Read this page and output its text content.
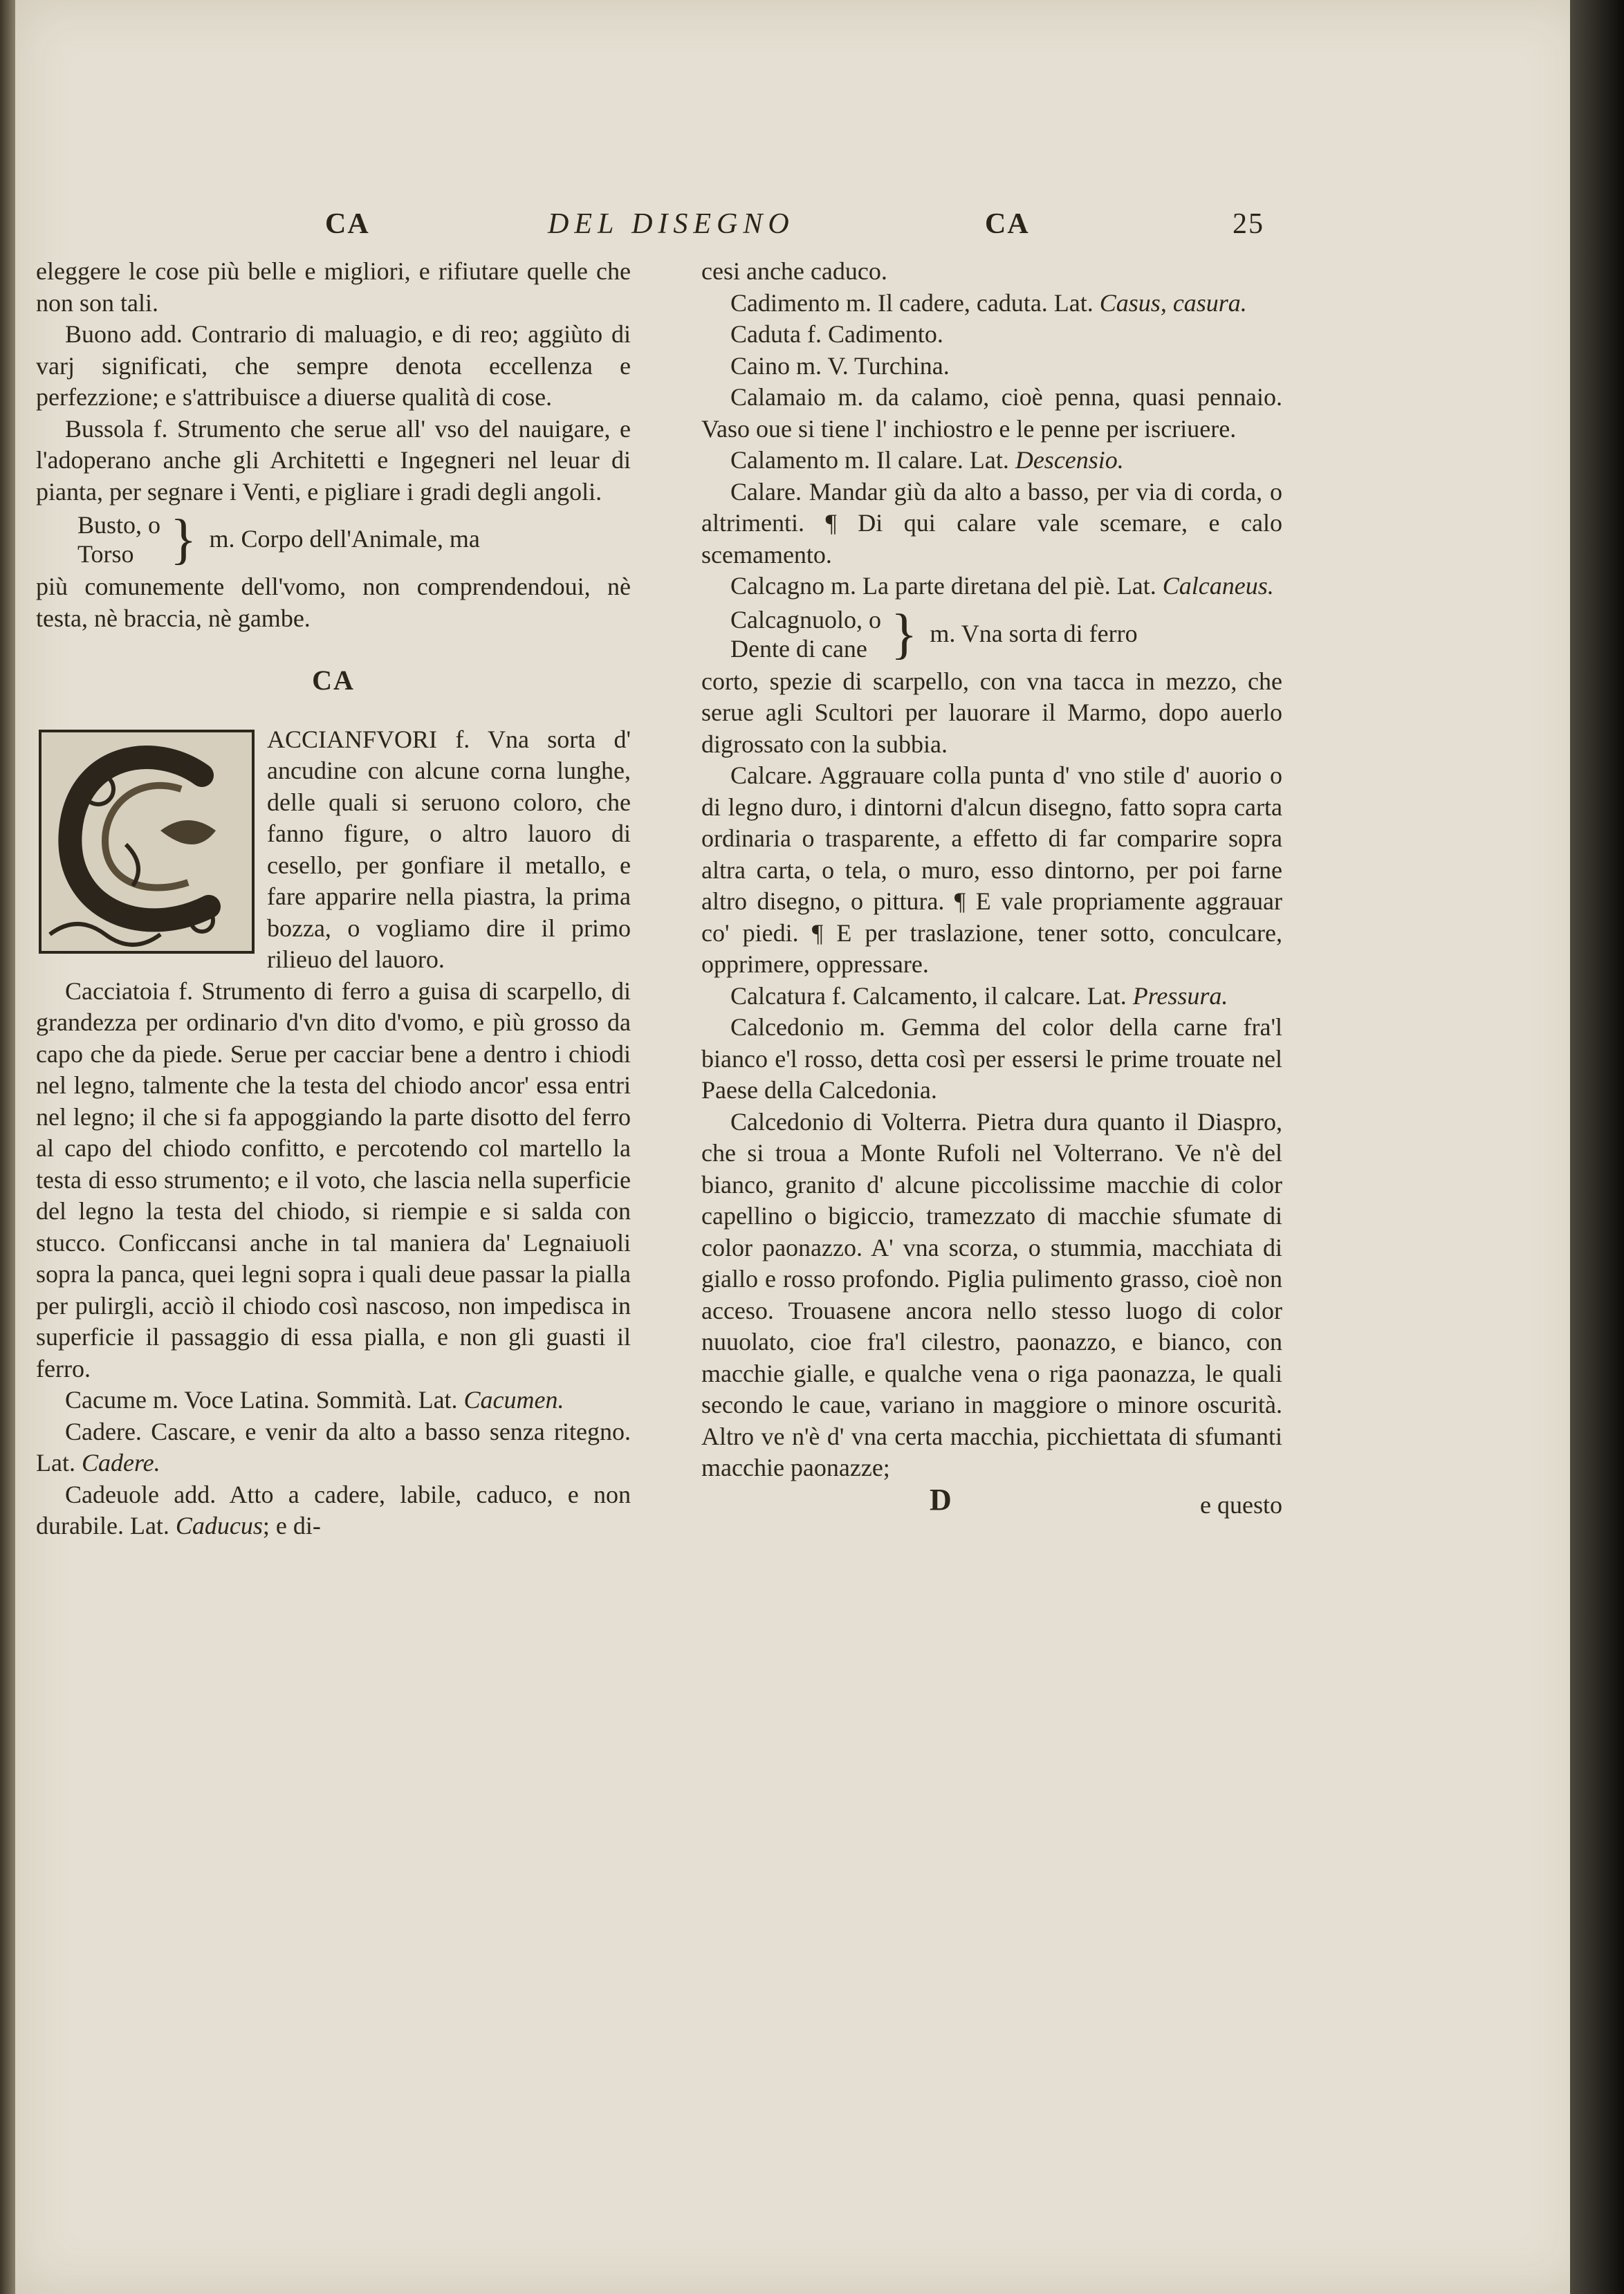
CA	DEL DISEGNO	CA	25

eleggere le cose più belle e migliori, e rifiutare quelle che non son tali.

Buono add. Contrario di maluagio, e di reo; aggiùto di varj significati, che sempre denota eccellenza e perfezzione; e s'attribuisce a diuerse qualità di cose.

Bussola f. Strumento che serue all' vso del nauigare, e l'adoperano anche gli Architetti e Ingegneri nel leuar di pianta, per segnare i Venti, e pigliare i gradi degli angoli.

Busto, o
Torso } m. Corpo dell'Animale, ma

più comunemente dell'vomo, non comprendendoui, nè testa, nè braccia, nè gambe.

CA

ACCIANFVORI f. Vna sorta d' ancudine con alcune corna lunghe, delle quali si seruono coloro, che fanno figure, o altro lauoro di cesello, per gonfiare il metallo, e fare apparire nella piastra, la prima bozza, o vogliamo dire il primo rilieuo del lauoro.

Cacciatoia f. Strumento di ferro a guisa di scarpello, di grandezza per ordinario d'vn dito d'vomo, e più grosso da capo che da piede. Serue per cacciar bene a dentro i chiodi nel legno, talmente che la testa del chiodo ancor' essa entri nel legno; il che si fa appoggiando la parte disotto del ferro al capo del chiodo confitto, e percotendo col martello la testa di esso strumento; e il voto, che lascia nella superficie del legno la testa del chiodo, si riempie e si salda con stucco. Conficcansi anche in tal maniera da' Legnaiuoli sopra la panca, quei legni sopra i quali deue passar la pialla per pulirgli, acciò il chiodo così nascoso, non impedisca in superficie il passaggio di essa pialla, e non gli guasti il ferro.

Cacume m. Voce Latina. Sommità. Lat. Cacumen.

Cadere. Cascare, e venir da alto a basso senza ritegno. Lat. Cadere.

Cadeuole add. Atto a cadere, labile, caduco, e non durabile. Lat. Caducus; e di-

cesi anche caduco.

Cadimento m. Il cadere, caduta. Lat. Casus, casura.

Caduta f. Cadimento.

Caino m. V. Turchina.

Calamaio m. da calamo, cioè penna, quasi pennaio. Vaso oue si tiene l' inchiostro e le penne per iscriuere.

Calamento m. Il calare. Lat. Descensio.

Calare. Mandar giù da alto a basso, per via di corda, o altrimenti. ¶ Di qui calare vale scemare, e calo scemamento.

Calcagno m. La parte diretana del piè. Lat. Calcaneus.

Calcagnuolo, o
Dente di cane } m. Vna sorta di ferro

corto, spezie di scarpello, con vna tacca in mezzo, che serue agli Scultori per lauorare il Marmo, dopo auerlo digrossato con la subbia.

Calcare. Aggrauare colla punta d' vno stile d' auorio o di legno duro, i dintorni d'alcun disegno, fatto sopra carta ordinaria o trasparente, a effetto di far comparire sopra altra carta, o tela, o muro, esso dintorno, per poi farne altro disegno, o pittura. ¶ E vale propriamente aggrauar co' piedi. ¶ E per traslazione, tener sotto, conculcare, opprimere, oppressare.

Calcatura f. Calcamento, il calcare. Lat. Pressura.

Calcedonio m. Gemma del color della carne fra'l bianco e'l rosso, detta così per essersi le prime trouate nel Paese della Calcedonia.

Calcedonio di Volterra. Pietra dura quanto il Diaspro, che si troua a Monte Rufoli nel Volterrano. Ve n'è del bianco, granito d' alcune piccolissime macchie di color capellino o bigiccio, tramezzato di macchie sfumate di color paonazzo. A' vna scorza, o stummia, macchiata di giallo e rosso profondo. Piglia pulimento grasso, cioè non acceso. Trouasene ancora nello stesso luogo di color nuuolato, cioe fra'l cilestro, paonazzo, e bianco, con macchie gialle, e qualche vena o riga paonazza, le quali secondo le caue, variano in maggiore o minore oscurità. Altro ve n'è d' vna certa macchia, picchiettata di sfumanti macchie paonazze;

D	e questo
